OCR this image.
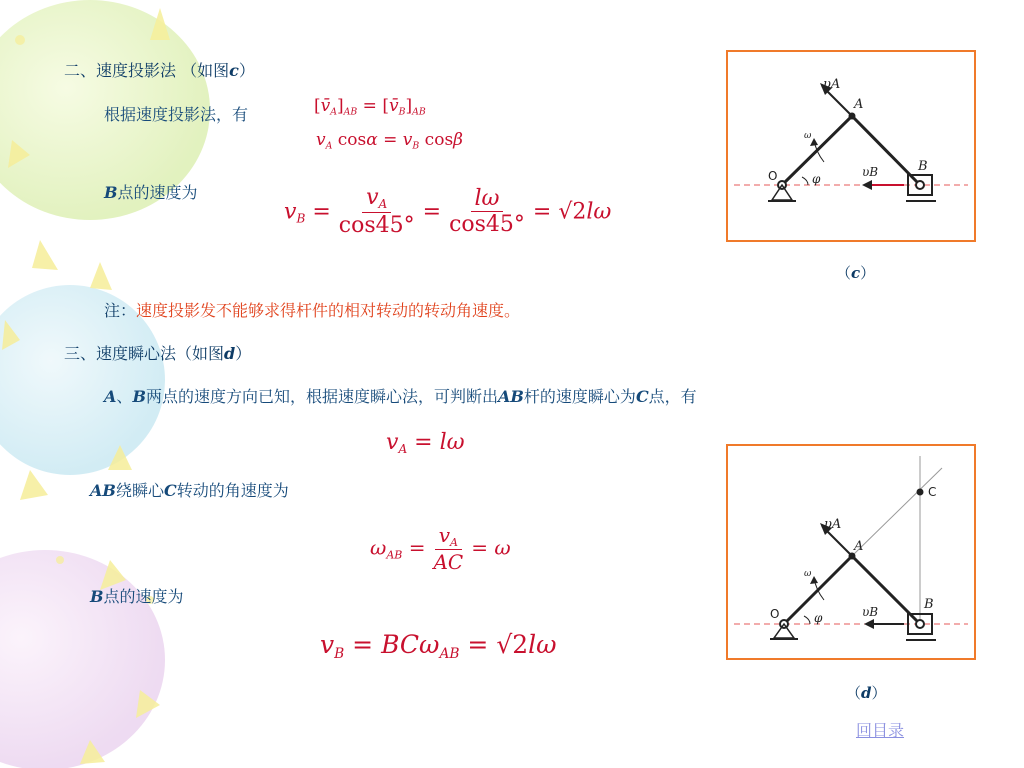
二、速度投影法 （如图c）
根据速度投影法，有	$[v̄_A]_{AB}$ = $[v̄_B]_{AB}$
$v_A$ $\cos\alpha = v_B$ cosβ
B点的速度为
$v_B = \frac{v_A}{\cos 45^\circ} = \frac{l\omega}{\cos 45^\circ} = √2l\omega$
υA
A
ω
O	φ	υB	B
（c）
注：速度投影发不能够求得杆件的相对转动的转动角速度。
三、速度瞬心法（如图d）
A、B两点的速度方向已知，根据速度瞬心法，可判断出AB杆的速度瞬心为C点，有
$v_A = l\omega$
AB绕瞬心C转动的角速度为
$\omega_{AB} = \frac{v_A}{AC} = \omega$
B点的速度为
$v_B = BC\omega_{AB} = √2l\omega$
υA
A
ω
O	φ	υB	B
C
（d）
回目录
